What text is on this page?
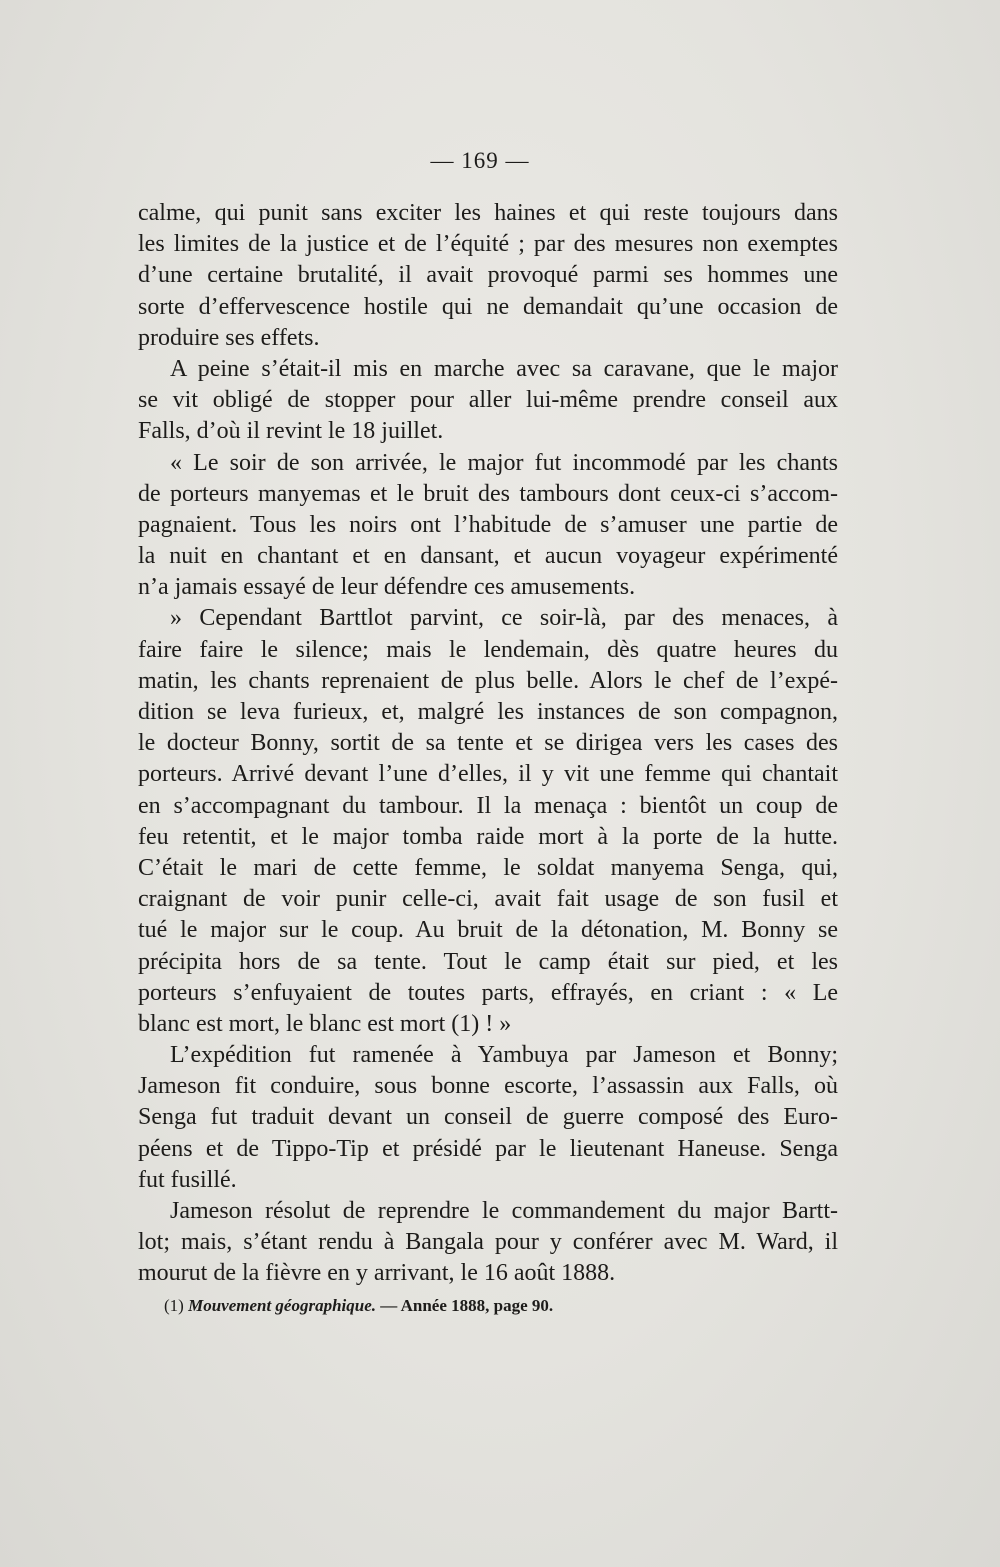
— 169 —
calme, qui punit sans exciter les haines et qui reste toujours dans
les limites de la justice et de l’équité ; par des mesures non exemptes
d’une certaine brutalité, il avait provoqué parmi ses hommes une
sorte d’effervescence hostile qui ne demandait qu’une occasion de
produire ses effets.
A peine s’était-il mis en marche avec sa caravane, que le major
se vit obligé de stopper pour aller lui-même prendre conseil aux
Falls, d’où il revint le 18 juillet.
« Le soir de son arrivée, le major fut incommodé par les chants
de porteurs manyemas et le bruit des tambours dont ceux-ci s’accom-
pagnaient. Tous les noirs ont l’habitude de s’amuser une partie de
la nuit en chantant et en dansant, et aucun voyageur expérimenté
n’a jamais essayé de leur défendre ces amusements.
» Cependant Barttlot parvint, ce soir-là, par des menaces, à
faire faire le silence; mais le lendemain, dès quatre heures du
matin, les chants reprenaient de plus belle. Alors le chef de l’expé-
dition se leva furieux, et, malgré les instances de son compagnon,
le docteur Bonny, sortit de sa tente et se dirigea vers les cases des
porteurs. Arrivé devant l’une d’elles, il y vit une femme qui chantait
en s’accompagnant du tambour. Il la menaça : bientôt un coup de
feu retentit, et le major tomba raide mort à la porte de la hutte.
C’était le mari de cette femme, le soldat manyema Senga, qui,
craignant de voir punir celle-ci, avait fait usage de son fusil et
tué le major sur le coup. Au bruit de la détonation, M. Bonny se
précipita hors de sa tente. Tout le camp était sur pied, et les
porteurs s’enfuyaient de toutes parts, effrayés, en criant : « Le
blanc est mort, le blanc est mort (1) ! »
L’expédition fut ramenée à Yambuya par Jameson et Bonny;
Jameson fit conduire, sous bonne escorte, l’assassin aux Falls, où
Senga fut traduit devant un conseil de guerre composé des Euro-
péens et de Tippo-Tip et présidé par le lieutenant Haneuse. Senga
fut fusillé.
Jameson résolut de reprendre le commandement du major Bartt-
lot; mais, s’étant rendu à Bangala pour y conférer avec M. Ward, il
mourut de la fièvre en y arrivant, le 16 août 1888.
(1) Mouvement géographique. — Année 1888, page 90.
